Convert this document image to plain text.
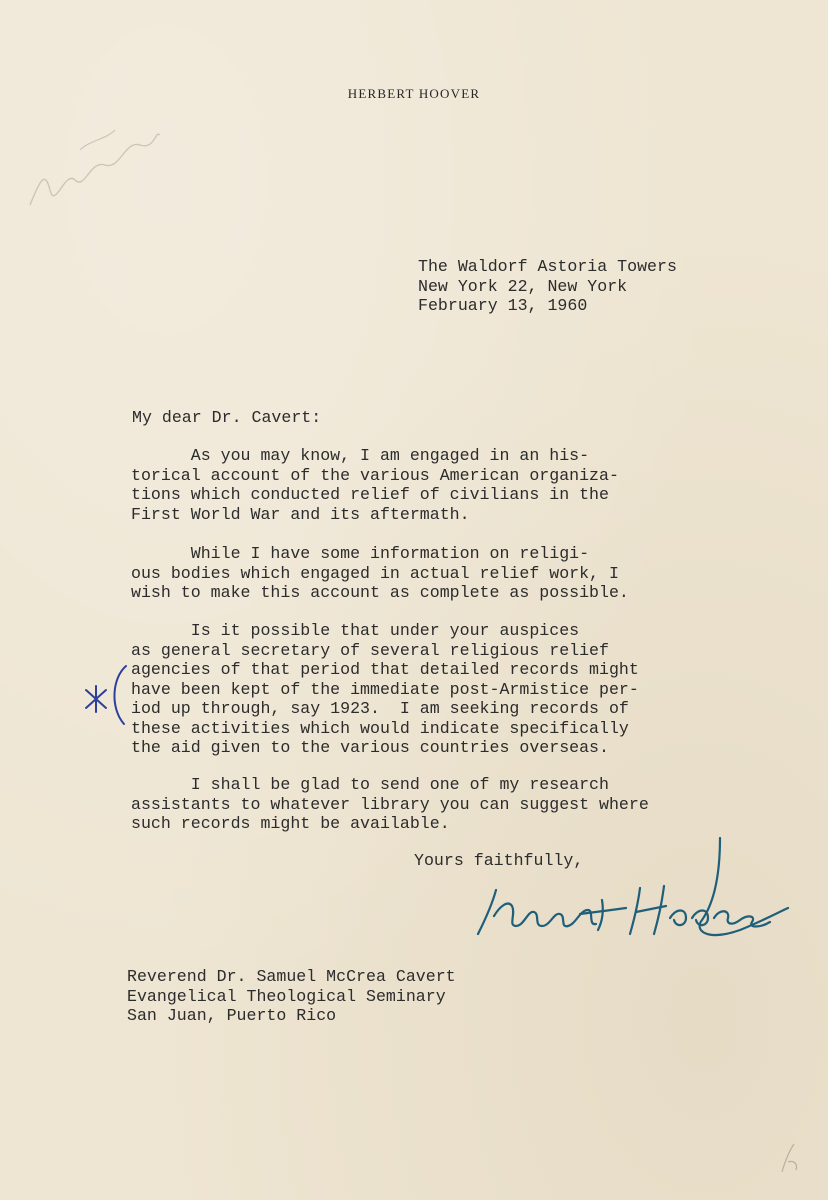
HERBERT HOOVER

The Waldorf Astoria Towers
New York 22, New York
February 13, 1960

My dear Dr. Cavert:

As you may know, I am engaged in an his-
torical account of the various American organiza-
tions which conducted relief of civilians in the
First World War and its aftermath.
While I have some information on religi-
ous bodies which engaged in actual relief work, I
wish to make this account as complete as possible.
Is it possible that under your auspices
as general secretary of several religious relief
agencies of that period that detailed records might
have been kept of the immediate post-Armistice per-
iod up through, say 1923.  I am seeking records of
these activities which would indicate specifically
the aid given to the various countries overseas.
I shall be glad to send one of my research
assistants to whatever library you can suggest where
such records might be available.

Yours faithfully,

Reverend Dr. Samuel McCrea Cavert
Evangelical Theological Seminary
San Juan, Puerto Rico
